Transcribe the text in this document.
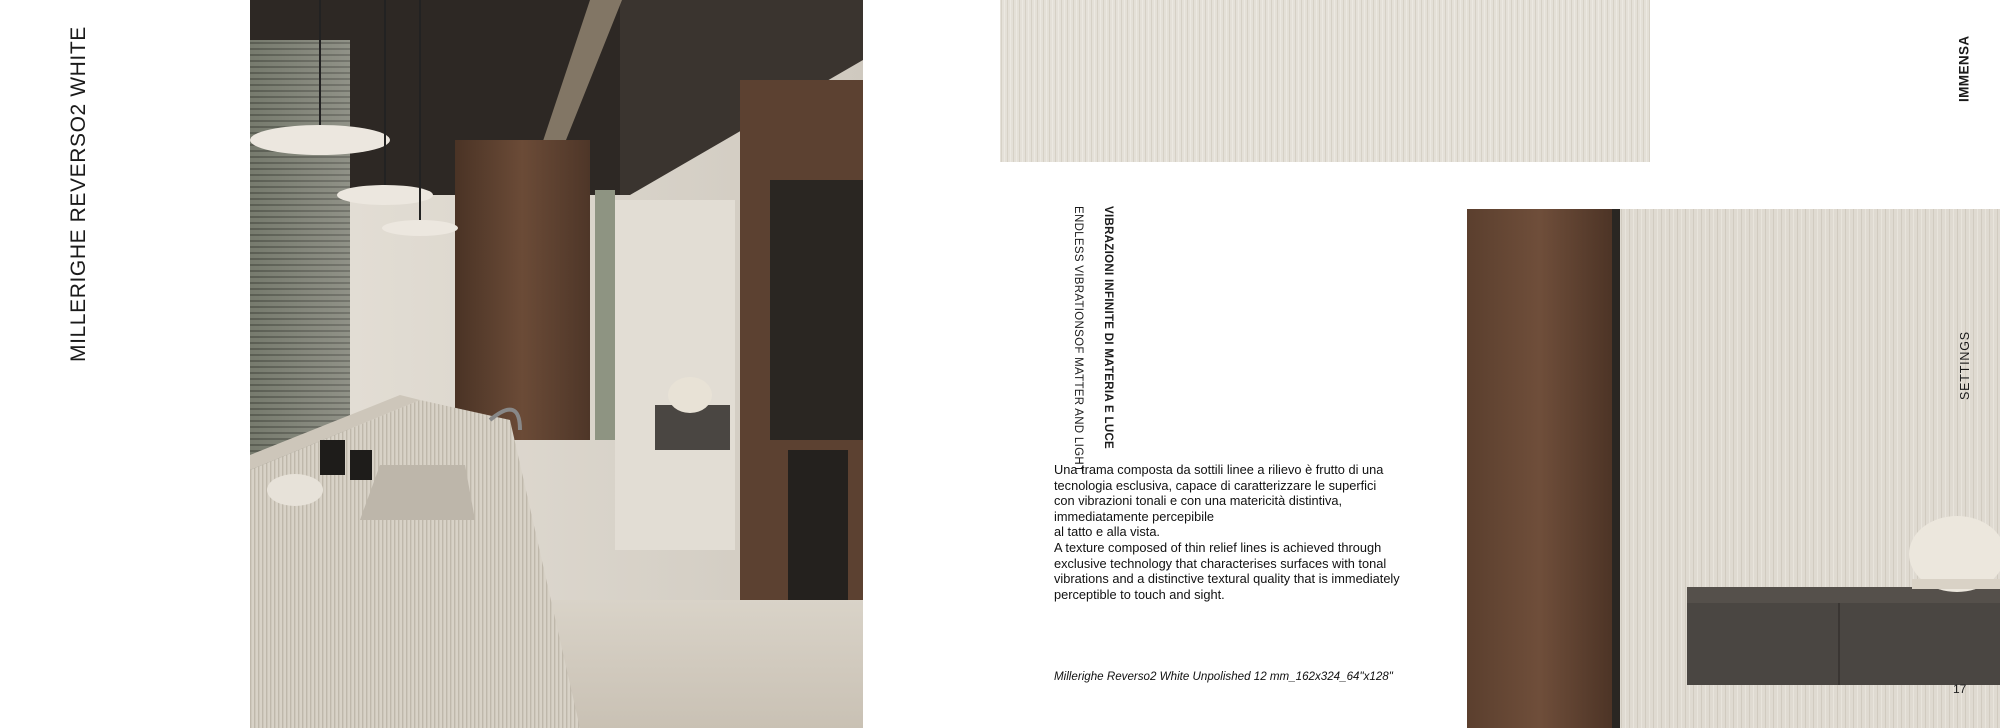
MILLERIGHE REVERSO2 WHITE	VIBRAZIONI INFINITE DI MATERIA E LUCE
ENDLESS VIBRATIONSOF MATTER AND LIGHT

Una trama composta da sottili linee a rilievo è frutto di una

tecnologia esclusiva, capace di caratterizzare le superfici

con vibrazioni tonali e con una matericità distintiva,

immediatamente percepibile

al tatto e alla vista.

A texture composed of thin relief lines is achieved through

exclusive technology that characterises surfaces with tonal

vibrations and a distinctive textural quality that is immediately

perceptible to touch and sight.

Millerighe Reverso2 White Unpolished 12 mm_162x324_64"x128"
IMMENSA
SETTINGS
17
